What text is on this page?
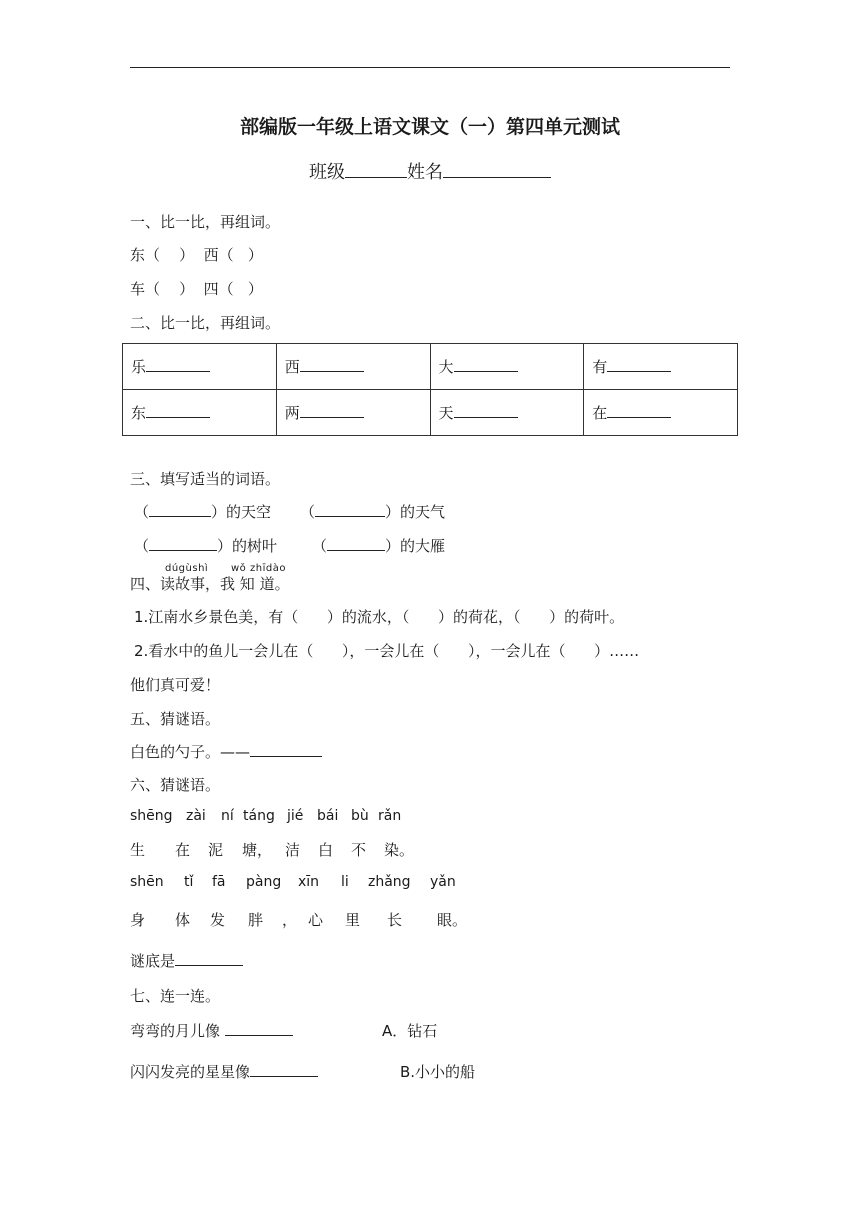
部编版一年级上语文课文（一）第四单元测试
班级	姓名
一、比一比，再组词。
东（    ）  西（   ）
车（    ）  四（   ）
二、比一比，再组词。
乐	西	大	有
东	两	天	在
三、填写适当的词语。
（	）的天空 （	）的天气
（	）的树叶 （	）的大雁
dúgùshì wǒ zhīdào
四、读故事，我 知 道。
1.江南水乡景色美，有（      ）的流水，（      ）的荷花，（      ）的荷叶。
2.看水中的鱼儿一会儿在（      ），一会儿在（      ），一会儿在（      ）……
他们真可爱！
五、猜谜语。
白色的勺子。——
六、猜谜语。
shēng zài ní táng jié bái bù rǎn
生 在 泥 塘， 洁 白 不 染。
shēn tǐ fā pàng xīn li zhǎng yǎn
身 体 发 胖 ， 心 里 长 眼。
谜底是
七、连一连。
弯弯的月儿像	A．钻石
闪闪发亮的星星像	B.小小的船
